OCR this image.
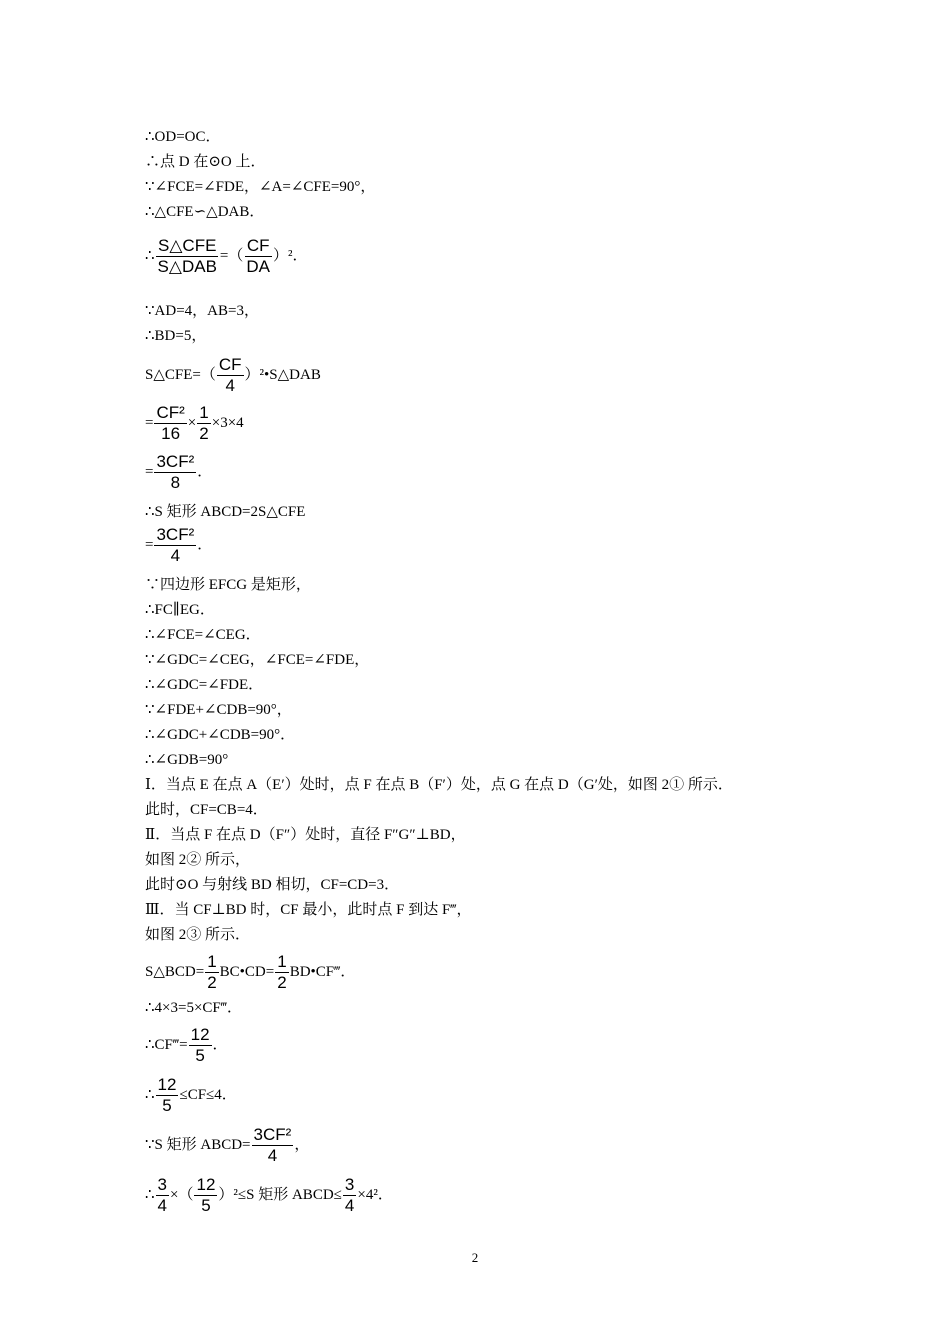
∴OD=OC．
∴点 D 在⊙O 上．
∵∠FCE=∠FDE，∠A=∠CFE=90°，
∴△CFE∽△DAB．
∴ $\frac{\text{S△CFE}}{\text{S△DAB}}$ =（ $\frac{CF}{DA} )^2$．
∵AD=4，AB=3，
∴BD=5，
S△CFE=（ $\frac{CF}{4}$ ）²•S△DAB
= $\frac{\text{CF²}}{16} \times \frac{1}{2} \times 3\times 4$
= $\frac{\text{3CF²}}{8}$ ．
∴S 矩形 ABCD=2S△CFE
= $\frac{\text{3CF²}}{4}$ ．
∵四边形 EFCG 是矩形，
∴FC∥EG．
∴∠FCE=∠CEG．
∵∠GDC=∠CEG，∠FCE=∠FDE，
∴∠GDC=∠FDE．
∵∠FDE+∠CDB=90°，
∴∠GDC+∠CDB=90°．
∴∠GDB=90°
Ⅰ．当点 E 在点 A（E′）处时，点 F 在点 B（F′）处，点 G 在点 D（G′处，如图 2① 所示．
此时，CF=CB=4．
Ⅱ．当点 F 在点 D（F″）处时，直径 F″G″⊥BD，
如图 2② 所示，
此时⊙O 与射线 BD 相切，CF=CD=3．
Ⅲ．当 CF⊥BD 时，CF 最小，此时点 F 到达 F‴，
如图 2③ 所示．
S△BCD= $\frac{1}{2}$ BC•CD= $\frac{1}{2}$ BD•CF‴．
∴4×3=5×CF‴．
∴CF‴= $\frac{12}{5}$ ．
∴ $\frac{12}{5} \le CF\le 4$．
∵S 矩形 ABCD= $\frac{\text{3CF²}}{4}$ ，
∴ $\frac{3}{4}$ ×（ $\frac{12}{5} )^2\le S$ 矩形 ABCD≤ $\frac{3}{4} \times 4^2$．
2
